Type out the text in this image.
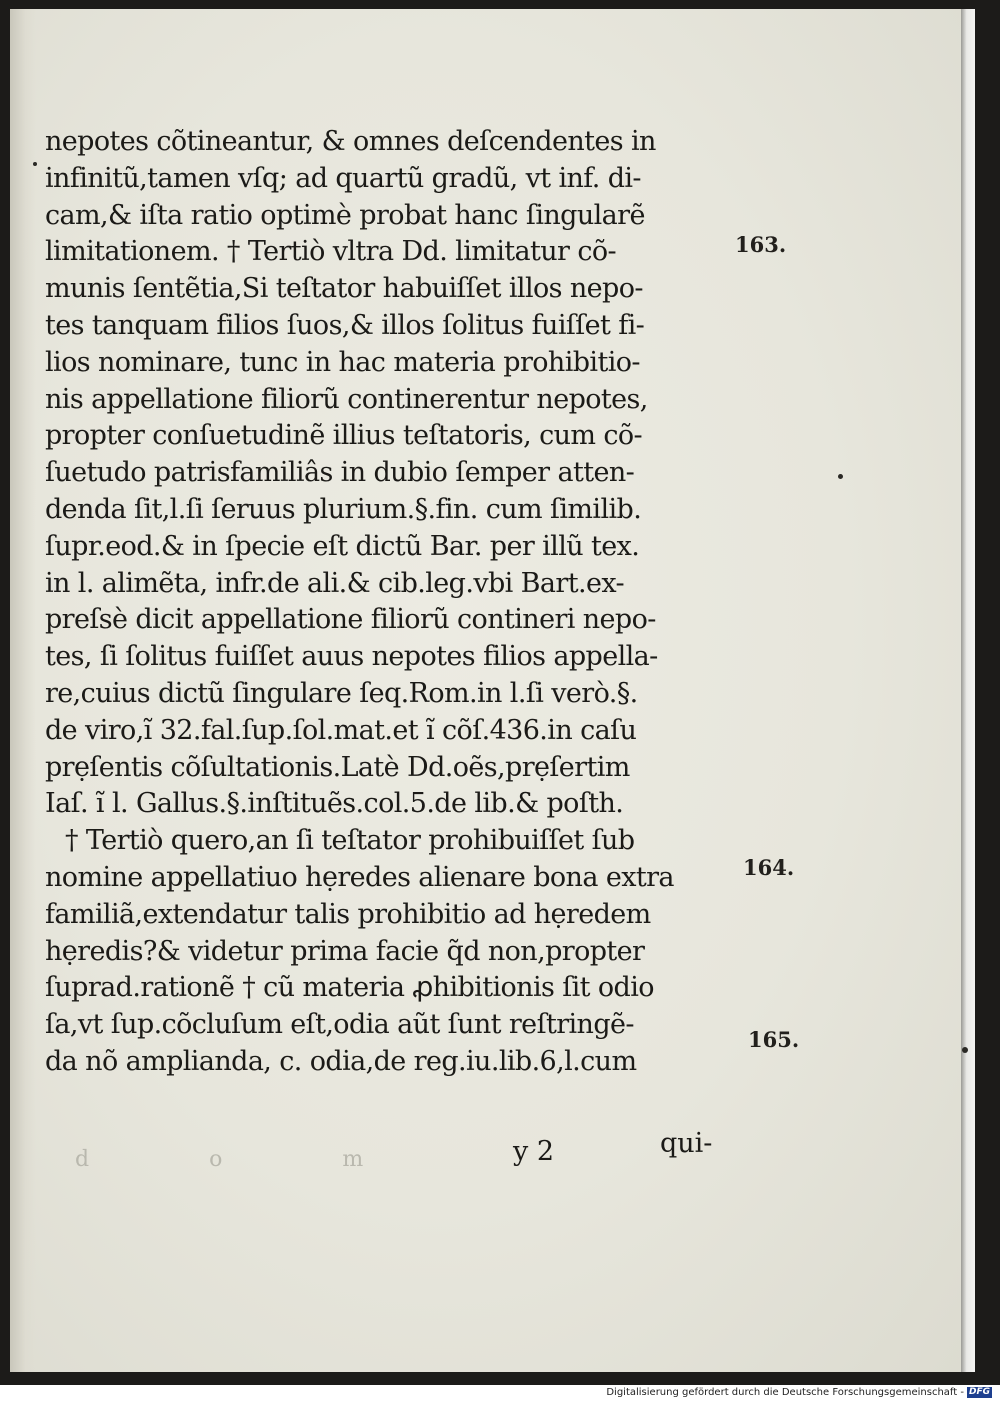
nepotes cõtineantur, & omnes deſcendentes in
infinitũ,tamen vſq; ad quartũ gradũ, vt inf. di-
cam,& iſta ratio optimè probat hanc ſingularẽ
limitationem. † Tertiò vltra Dd. limitatur cõ-
munis ſentẽtia,Si teſtator habuiſſet illos nepo-
tes tanquam filios ſuos,& illos ſolitus fuiſſet fi-
lios nominare, tunc in hac materia prohibitio-
nis appellatione filiorũ continerentur nepotes,
propter conſuetudinẽ illius teſtatoris, cum cõ-
ſuetudo patrisfamiliâs in dubio ſemper atten-
denda ſit,l.ſi ſeruus plurium.§.fin. cum ſimilib.
ſupr.eod.& in ſpecie eſt dictũ Bar. per illũ tex.
in l. alimẽta, infr.de ali.& cib.leg.vbi Bart.ex-
preſsè dicit appellatione filiorũ contineri nepo-
tes, ſi ſolitus fuiſſet auus nepotes filios appella-
re,cuius dictũ ſingulare ſeq.Rom.in l.ſi verò.§.
de viro,ĩ 32.fal.ſup.ſol.mat.et ĩ cõſ.436.in caſu
prẹſentis cõſultationis.Latè Dd.oẽs,prẹſertim
Iaſ. ĩ l. Gallus.§.inſtituẽs.col.5.de lib.& poſth.
† Tertiò quero,an ſi teſtator prohibuiſſet ſub
nomine appellatiuo hẹredes alienare bona extra
familiã,extendatur talis prohibitio ad hẹredem
hẹredis?& videtur prima facie q̃d non,propter
ſuprad.rationẽ † cũ materia ꝓhibitionis ſit odio
ſa,vt ſup.cõcluſum eſt,odia aũt ſunt reſtringẽ-
da nõ amplianda, c. odia,de reg.iu.lib.6,l.cum
163.
164.
165.
dom y 2	qui-
Digitalisierung gefördert durch die Deutsche Forschungsgemeinschaft - DFG
